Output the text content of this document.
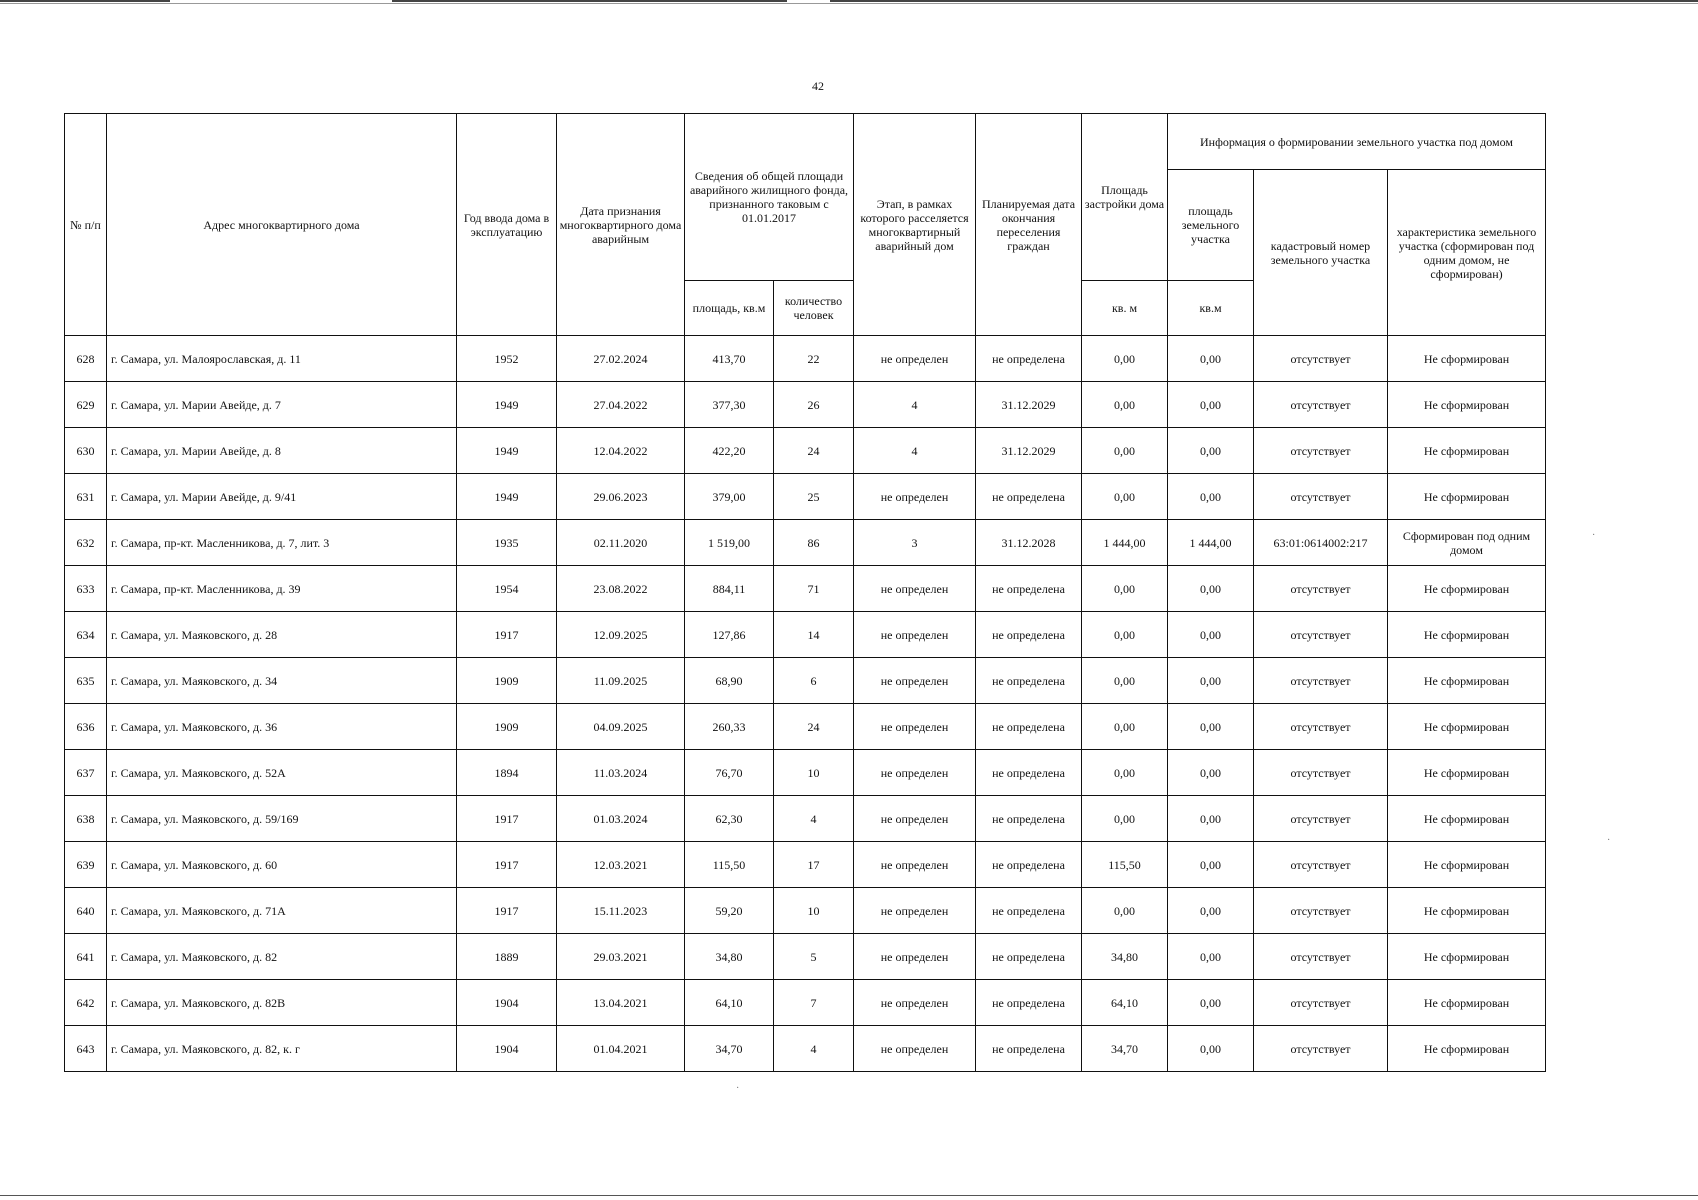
42
№ п/п	Адрес многоквартирного дома	Год ввода дома в эксплуатацию	Дата признания многоквартирного дома аварийным	Сведения об общей площади аварийного жилищного фонда, признанного таковым с 01.01.2017		Этап, в рамках которого расселяется многоквартирный аварийный дом	Планируемая дата окончания переселения граждан	Площадь застройки дома	Информация о формировании земельного участка под домом		
									площадь земельного участка	кадастровый номер земельного участка	характеристика земельного участка (сформирован под одним домом, не сформирован)
				площадь, кв.м	количество человек			кв. м	кв.м		
628	г. Самара, ул. Малоярославская, д. 11	1952	27.02.2024	413,70	22	не определен	не определена	0,00	0,00	отсутствует	Не сформирован
629	г. Самара, ул. Марии Авейде, д. 7	1949	27.04.2022	377,30	26	4	31.12.2029	0,00	0,00	отсутствует	Не сформирован
630	г. Самара, ул. Марии Авейде, д. 8	1949	12.04.2022	422,20	24	4	31.12.2029	0,00	0,00	отсутствует	Не сформирован
631	г. Самара, ул. Марии Авейде, д. 9/41	1949	29.06.2023	379,00	25	не определен	не определена	0,00	0,00	отсутствует	Не сформирован
632	г. Самара, пр-кт. Масленникова, д. 7, лит. 3	1935	02.11.2020	1 519,00	86	3	31.12.2028	1 444,00	1 444,00	63:01:0614002:217	Сформирован под одним домом
633	г. Самара, пр-кт. Масленникова, д. 39	1954	23.08.2022	884,11	71	не определен	не определена	0,00	0,00	отсутствует	Не сформирован
634	г. Самара, ул. Маяковского, д. 28	1917	12.09.2025	127,86	14	не определен	не определена	0,00	0,00	отсутствует	Не сформирован
635	г. Самара, ул. Маяковского, д. 34	1909	11.09.2025	68,90	6	не определен	не определена	0,00	0,00	отсутствует	Не сформирован
636	г. Самара, ул. Маяковского, д. 36	1909	04.09.2025	260,33	24	не определен	не определена	0,00	0,00	отсутствует	Не сформирован
637	г. Самара, ул. Маяковского, д. 52А	1894	11.03.2024	76,70	10	не определен	не определена	0,00	0,00	отсутствует	Не сформирован
638	г. Самара, ул. Маяковского, д. 59/169	1917	01.03.2024	62,30	4	не определен	не определена	0,00	0,00	отсутствует	Не сформирован
639	г. Самара, ул. Маяковского, д. 60	1917	12.03.2021	115,50	17	не определен	не определена	115,50	0,00	отсутствует	Не сформирован
640	г. Самара, ул. Маяковского, д. 71А	1917	15.11.2023	59,20	10	не определен	не определена	0,00	0,00	отсутствует	Не сформирован
641	г. Самара, ул. Маяковского, д. 82	1889	29.03.2021	34,80	5	не определен	не определена	34,80	0,00	отсутствует	Не сформирован
642	г. Самара, ул. Маяковского, д. 82В	1904	13.04.2021	64,10	7	не определен	не определена	64,10	0,00	отсутствует	Не сформирован
643	г. Самара, ул. Маяковского, д. 82, к. г	1904	01.04.2021	34,70	4	не определен	не определена	34,70	0,00	отсутствует	Не сформирован
·
·
·
